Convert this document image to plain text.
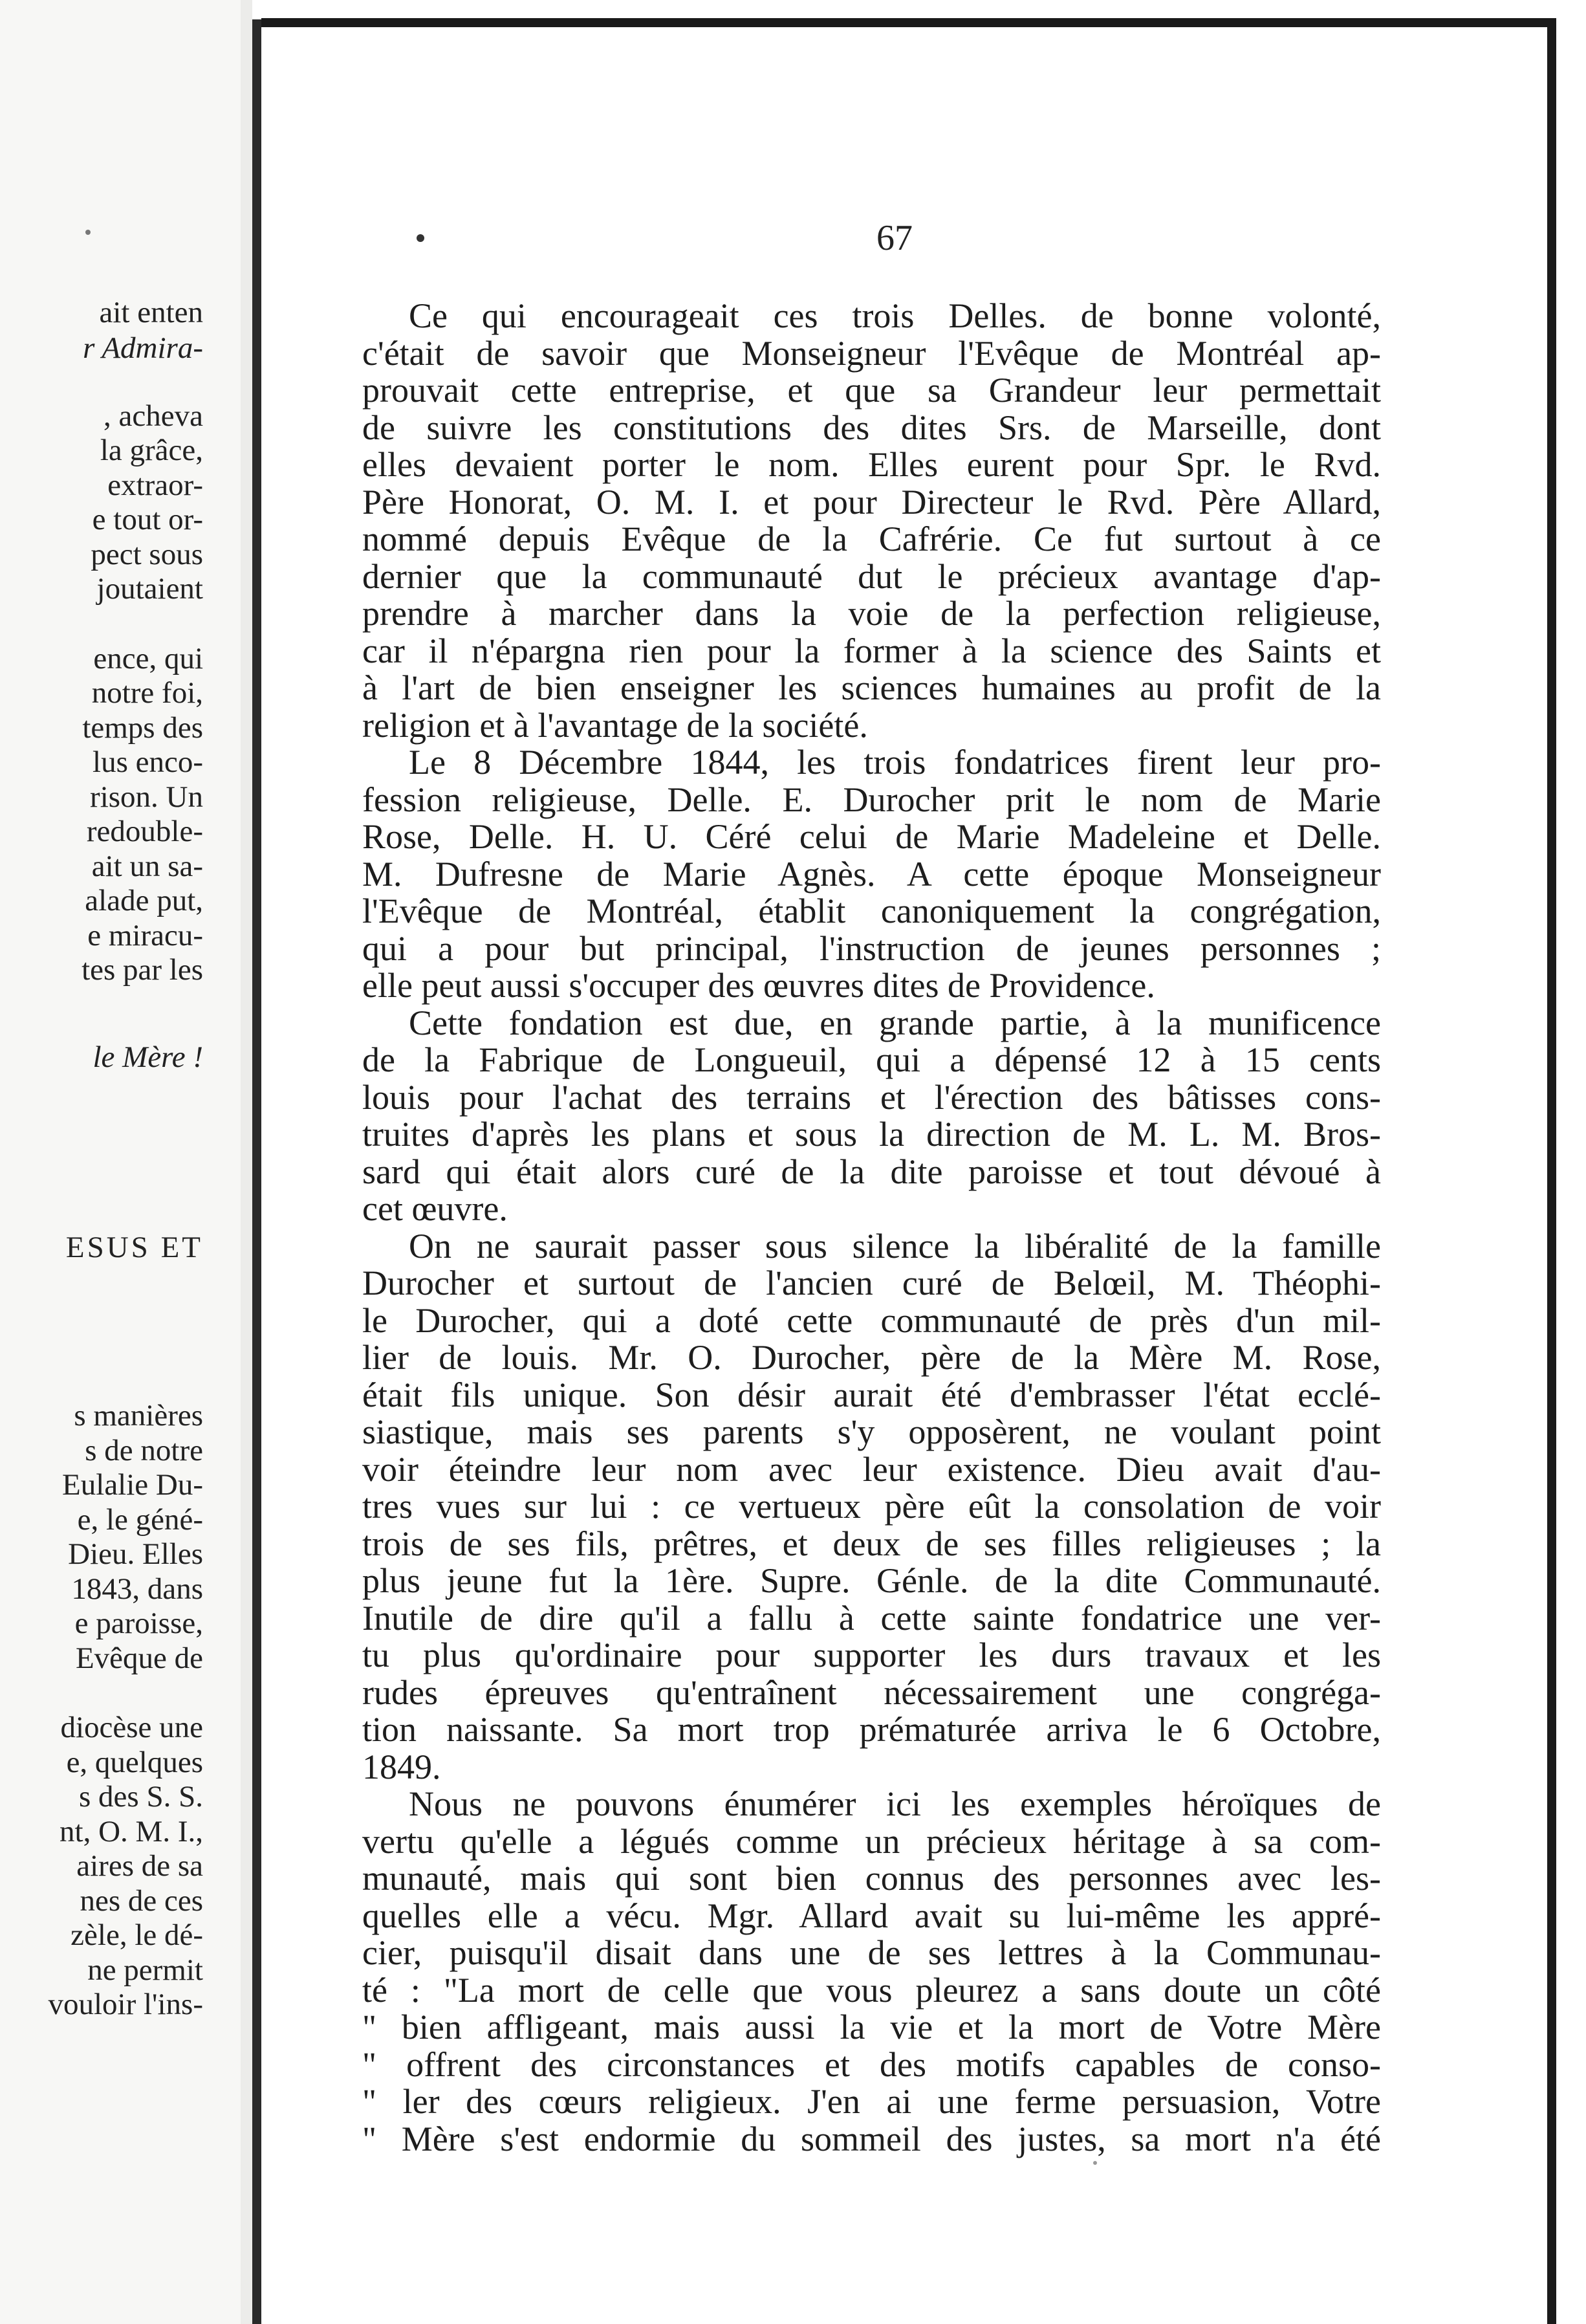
ait enten
r Admira-
, acheva
la grâce,
extraor-
e tout or-
pect sous
joutaient
ence, qui
notre foi,
temps des
lus enco-
rison. Un
redouble-
ait un sa-
alade put,
e miracu-
tes par les
le Mère !
ESUS ET
s manières
s de notre
Eulalie Du-
e, le géné-
Dieu. Elles
1843, dans
e paroisse,
Evêque de
diocèse une
e, quelques
s des S. S.
nt, O. M. I.,
aires de sa
nes de ces
zèle, le dé-
ne permit
vouloir l'ins-
67
Ce qui encourageait ces trois Delles. de bonne volonté,
c'était de savoir que Monseigneur l'Evêque de Montréal ap-
prouvait cette entreprise, et que sa Grandeur leur permettait
de suivre les constitutions des dites Srs. de Marseille, dont
elles devaient porter le nom. Elles eurent pour Spr. le Rvd.
Père Honorat, O. M. I. et pour Directeur le Rvd. Père Allard,
nommé depuis Evêque de la Cafrérie. Ce fut surtout à ce
dernier que la communauté dut le précieux avantage d'ap-
prendre à marcher dans la voie de la perfection religieuse,
car il n'épargna rien pour la former à la science des Saints et
à l'art de bien enseigner les sciences humaines au profit de la
religion et à l'avantage de la société.
Le 8 Décembre 1844, les trois fondatrices firent leur pro-
fession religieuse, Delle. E. Durocher prit le nom de Marie
Rose, Delle. H. U. Céré celui de Marie Madeleine et Delle.
M. Dufresne de Marie Agnès. A cette époque Monseigneur
l'Evêque de Montréal, établit canoniquement la congrégation,
qui a pour but principal, l'instruction de jeunes personnes ;
elle peut aussi s'occuper des œuvres dites de Providence.
Cette fondation est due, en grande partie, à la munificence
de la Fabrique de Longueuil, qui a dépensé 12 à 15 cents
louis pour l'achat des terrains et l'érection des bâtisses cons-
truites d'après les plans et sous la direction de M. L. M. Bros-
sard qui était alors curé de la dite paroisse et tout dévoué à
cet œuvre.
On ne saurait passer sous silence la libéralité de la famille
Durocher et surtout de l'ancien curé de Belœil, M. Théophi-
le Durocher, qui a doté cette communauté de près d'un mil-
lier de louis. Mr. O. Durocher, père de la Mère M. Rose,
était fils unique. Son désir aurait été d'embrasser l'état ecclé-
siastique, mais ses parents s'y opposèrent, ne voulant point
voir éteindre leur nom avec leur existence. Dieu avait d'au-
tres vues sur lui : ce vertueux père eût la consolation de voir
trois de ses fils, prêtres, et deux de ses filles religieuses ; la
plus jeune fut la 1ère. Supre. Génle. de la dite Communauté.
Inutile de dire qu'il a fallu à cette sainte fondatrice une ver-
tu plus qu'ordinaire pour supporter les durs travaux et les
rudes épreuves qu'entraînent nécessairement une congréga-
tion naissante. Sa mort trop prématurée arriva le 6 Octobre,
1849.
Nous ne pouvons énumérer ici les exemples héroïques de
vertu qu'elle a légués comme un précieux héritage à sa com-
munauté, mais qui sont bien connus des personnes avec les-
quelles elle a vécu. Mgr. Allard avait su lui-même les appré-
cier, puisqu'il disait dans une de ses lettres à la Communau-
té : "La mort de celle que vous pleurez a sans doute un côté
" bien affligeant, mais aussi la vie et la mort de Votre Mère
" offrent des circonstances et des motifs capables de conso-
" ler des cœurs religieux. J'en ai une ferme persuasion, Votre
" Mère s'est endormie du sommeil des justes, sa mort n'a été
